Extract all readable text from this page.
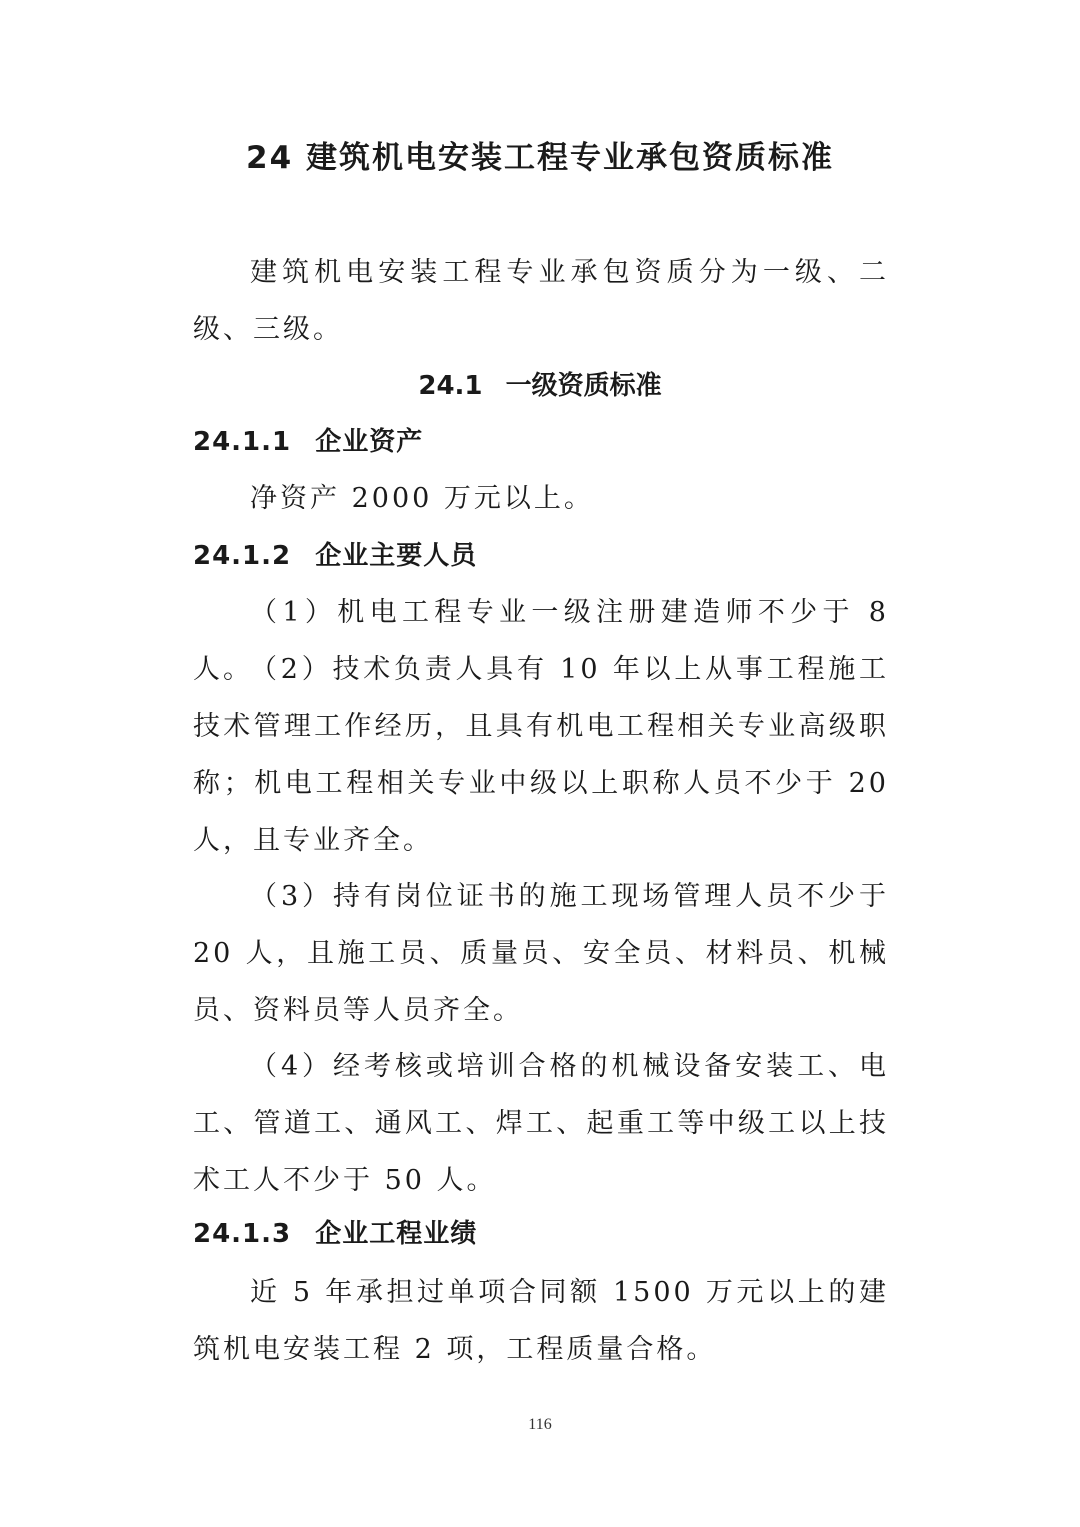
24 建筑机电安装工程专业承包资质标准

建筑机电安装工程专业承包资质分为一级、二级、三级。

24.1 一级资质标准
24.1.1 企业资产

净资产 2000 万元以上。

24.1.2 企业主要人员

（1）机电工程专业一级注册建造师不少于 8 人。

（2）技术负责人具有 10 年以上从事工程施工技术管理工作经历，且具有机电工程相关专业高级职称；机电工程相关专业中级以上职称人员不少于 20 人，且专业齐全。

（3）持有岗位证书的施工现场管理人员不少于 20 人，且施工员、质量员、安全员、材料员、机械员、资料员等人员齐全。

（4）经考核或培训合格的机械设备安装工、电工、管道工、通风工、焊工、起重工等中级工以上技术工人不少于 50 人。

24.1.3 企业工程业绩

近 5 年承担过单项合同额 1500 万元以上的建筑机电安装工程 2 项，工程质量合格。

116
